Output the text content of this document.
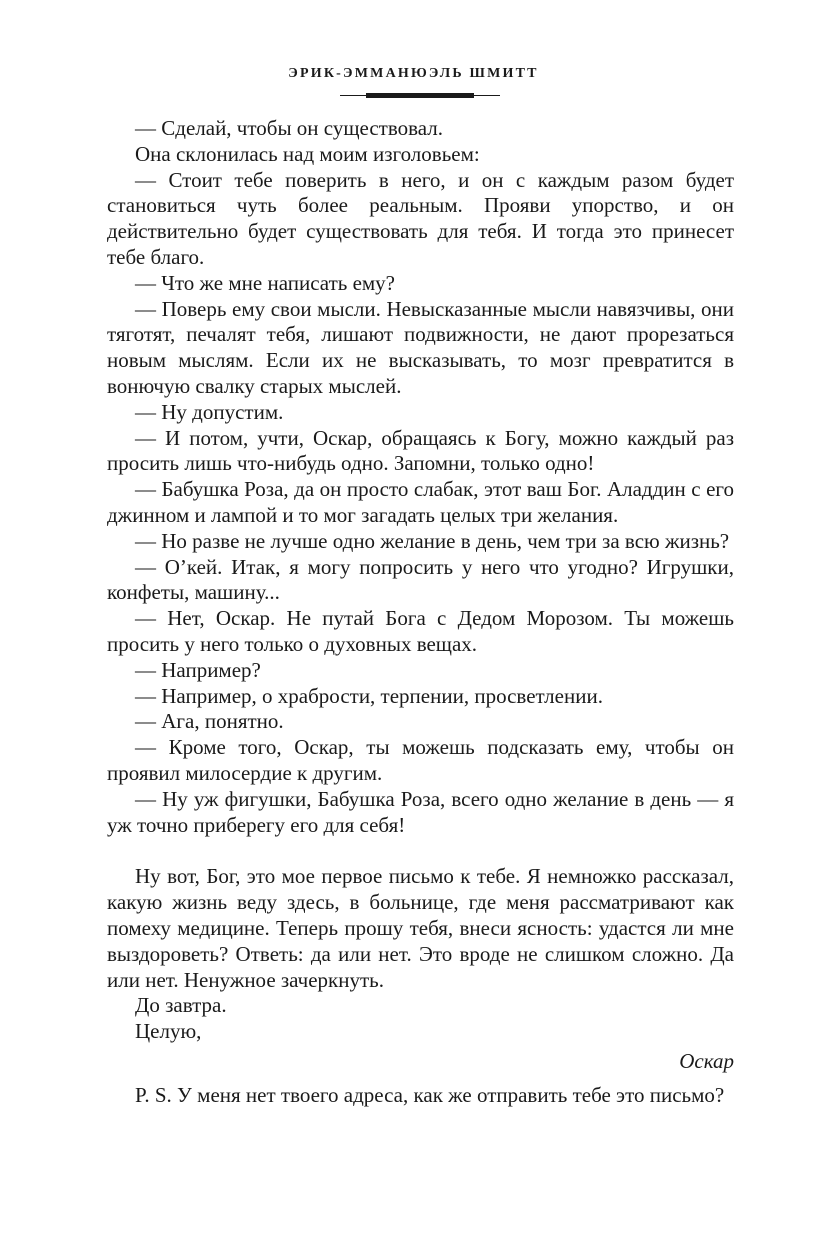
ЭРИК-ЭММАНЮЭЛЬ ШМИТТ

— Сделай, чтобы он существовал.

Она склонилась над моим изголовьем:

— Стоит тебе поверить в него, и он с каждым разом будет становиться чуть более реальным. Прояви упорство, и он действительно будет существовать для тебя. И тогда это принесет тебе благо.

— Что же мне написать ему?

— Поверь ему свои мысли. Невысказанные мысли навязчивы, они тяготят, печалят тебя, лишают подвижности, не дают прорезаться новым мыслям. Если их не высказывать, то мозг превратится в вонючую свалку старых мыслей.

— Ну допустим.

— И потом, учти, Оскар, обращаясь к Богу, можно каждый раз просить лишь что-нибудь одно. Запомни, только одно!

— Бабушка Роза, да он просто слабак, этот ваш Бог. Аладдин с его джинном и лампой и то мог загадать целых три желания.

— Но разве не лучше одно желание в день, чем три за всю жизнь?

— О’кей. Итак, я могу попросить у него что угодно? Игрушки, конфеты, машину...

— Нет, Оскар. Не путай Бога с Дедом Морозом. Ты можешь просить у него только о духовных вещах.

— Например?

— Например, о храбрости, терпении, просветлении.

— Ага, понятно.

— Кроме того, Оскар, ты можешь подсказать ему, чтобы он проявил милосердие к другим.

— Ну уж фигушки, Бабушка Роза, всего одно желание в день — я уж точно приберегу его для себя!

Ну вот, Бог, это мое первое письмо к тебе. Я немножко рассказал, какую жизнь веду здесь, в больнице, где меня рассматривают как помеху медицине. Теперь прошу тебя, внеси ясность: удастся ли мне выздороветь? Ответь: да или нет. Это вроде не слишком сложно. Да или нет. Ненужное зачеркнуть.

До завтра.

Целую,

Оскар

P. S. У меня нет твоего адреса, как же отправить тебе это письмо?
